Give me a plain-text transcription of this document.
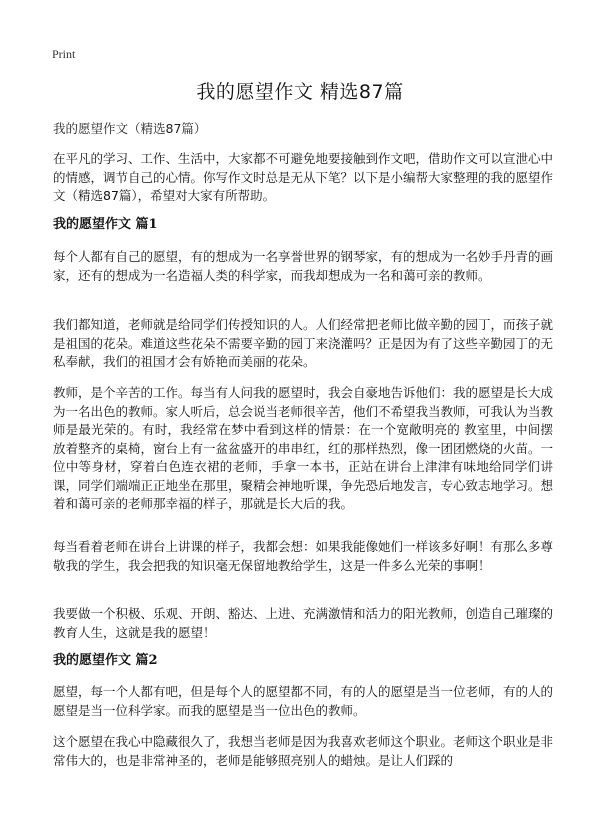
Print
我的愿望作文 精选87篇
我的愿望作文（精选87篇）

在平凡的学习、工作、生活中，大家都不可避免地要接触到作文吧，借助作文可以宣泄心中的情感，调节自己的心情。你写作文时总是无从下笔？以下是小编帮大家整理的我的愿望作文（精选87篇），希望对大家有所帮助。

我的愿望作文 篇1

每个人都有自己的愿望，有的想成为一名享誉世界的钢琴家，有的想成为一名妙手丹青的画家，还有的想成为一名造福人类的科学家，而我却想成为一名和蔼可亲的教师。

我们都知道，老师就是给同学们传授知识的人。人们经常把老师比做辛勤的园丁，而孩子就是祖国的花朵。难道这些花朵不需要辛勤的园丁来浇灌吗？正是因为有了这些辛勤园丁的无私奉献，我们的祖国才会有娇艳而美丽的花朵。

教师，是个辛苦的工作。每当有人问我的愿望时，我会自豪地告诉他们：我的愿望是长大成为一名出色的教师。家人听后，总会说当老师很辛苦，他们不希望我当教师，可我认为当教师是最光荣的。有时，我经常在梦中看到这样的情景：在一个宽敞明亮的 教室里，中间摆放着整齐的桌椅，窗台上有一盆盆盛开的串串红，红的那样热烈，像一团团燃烧的火苗。一位中等身材，穿着白色连衣裙的老师，手拿一本书，正站在讲台上津津有味地给同学们讲课，同学们端端正正地坐在那里，聚精会神地听课，争先恐后地发言，专心致志地学习。想着和蔼可亲的老师那幸福的样子，那就是长大后的我。

每当看着老师在讲台上讲课的样子，我都会想：如果我能像她们一样该多好啊！有那么多尊敬我的学生，我会把我的知识毫无保留地教给学生，这是一件多么光荣的事啊！

我要做一个积极、乐观、开朗、豁达、上进、充满激情和活力的阳光教师，创造自己璀璨的教育人生，这就是我的愿望！

我的愿望作文 篇2

愿望，每一个人都有吧，但是每个人的愿望都不同，有的人的愿望是当一位老师，有的人的愿望是当一位科学家。而我的愿望是当一位出色的教师。

这个愿望在我心中隐藏很久了，我想当老师是因为我喜欢老师这个职业。老师这个职业是非常伟大的，也是非常神圣的，老师是能够照亮别人的蜡烛。是让人们踩的
